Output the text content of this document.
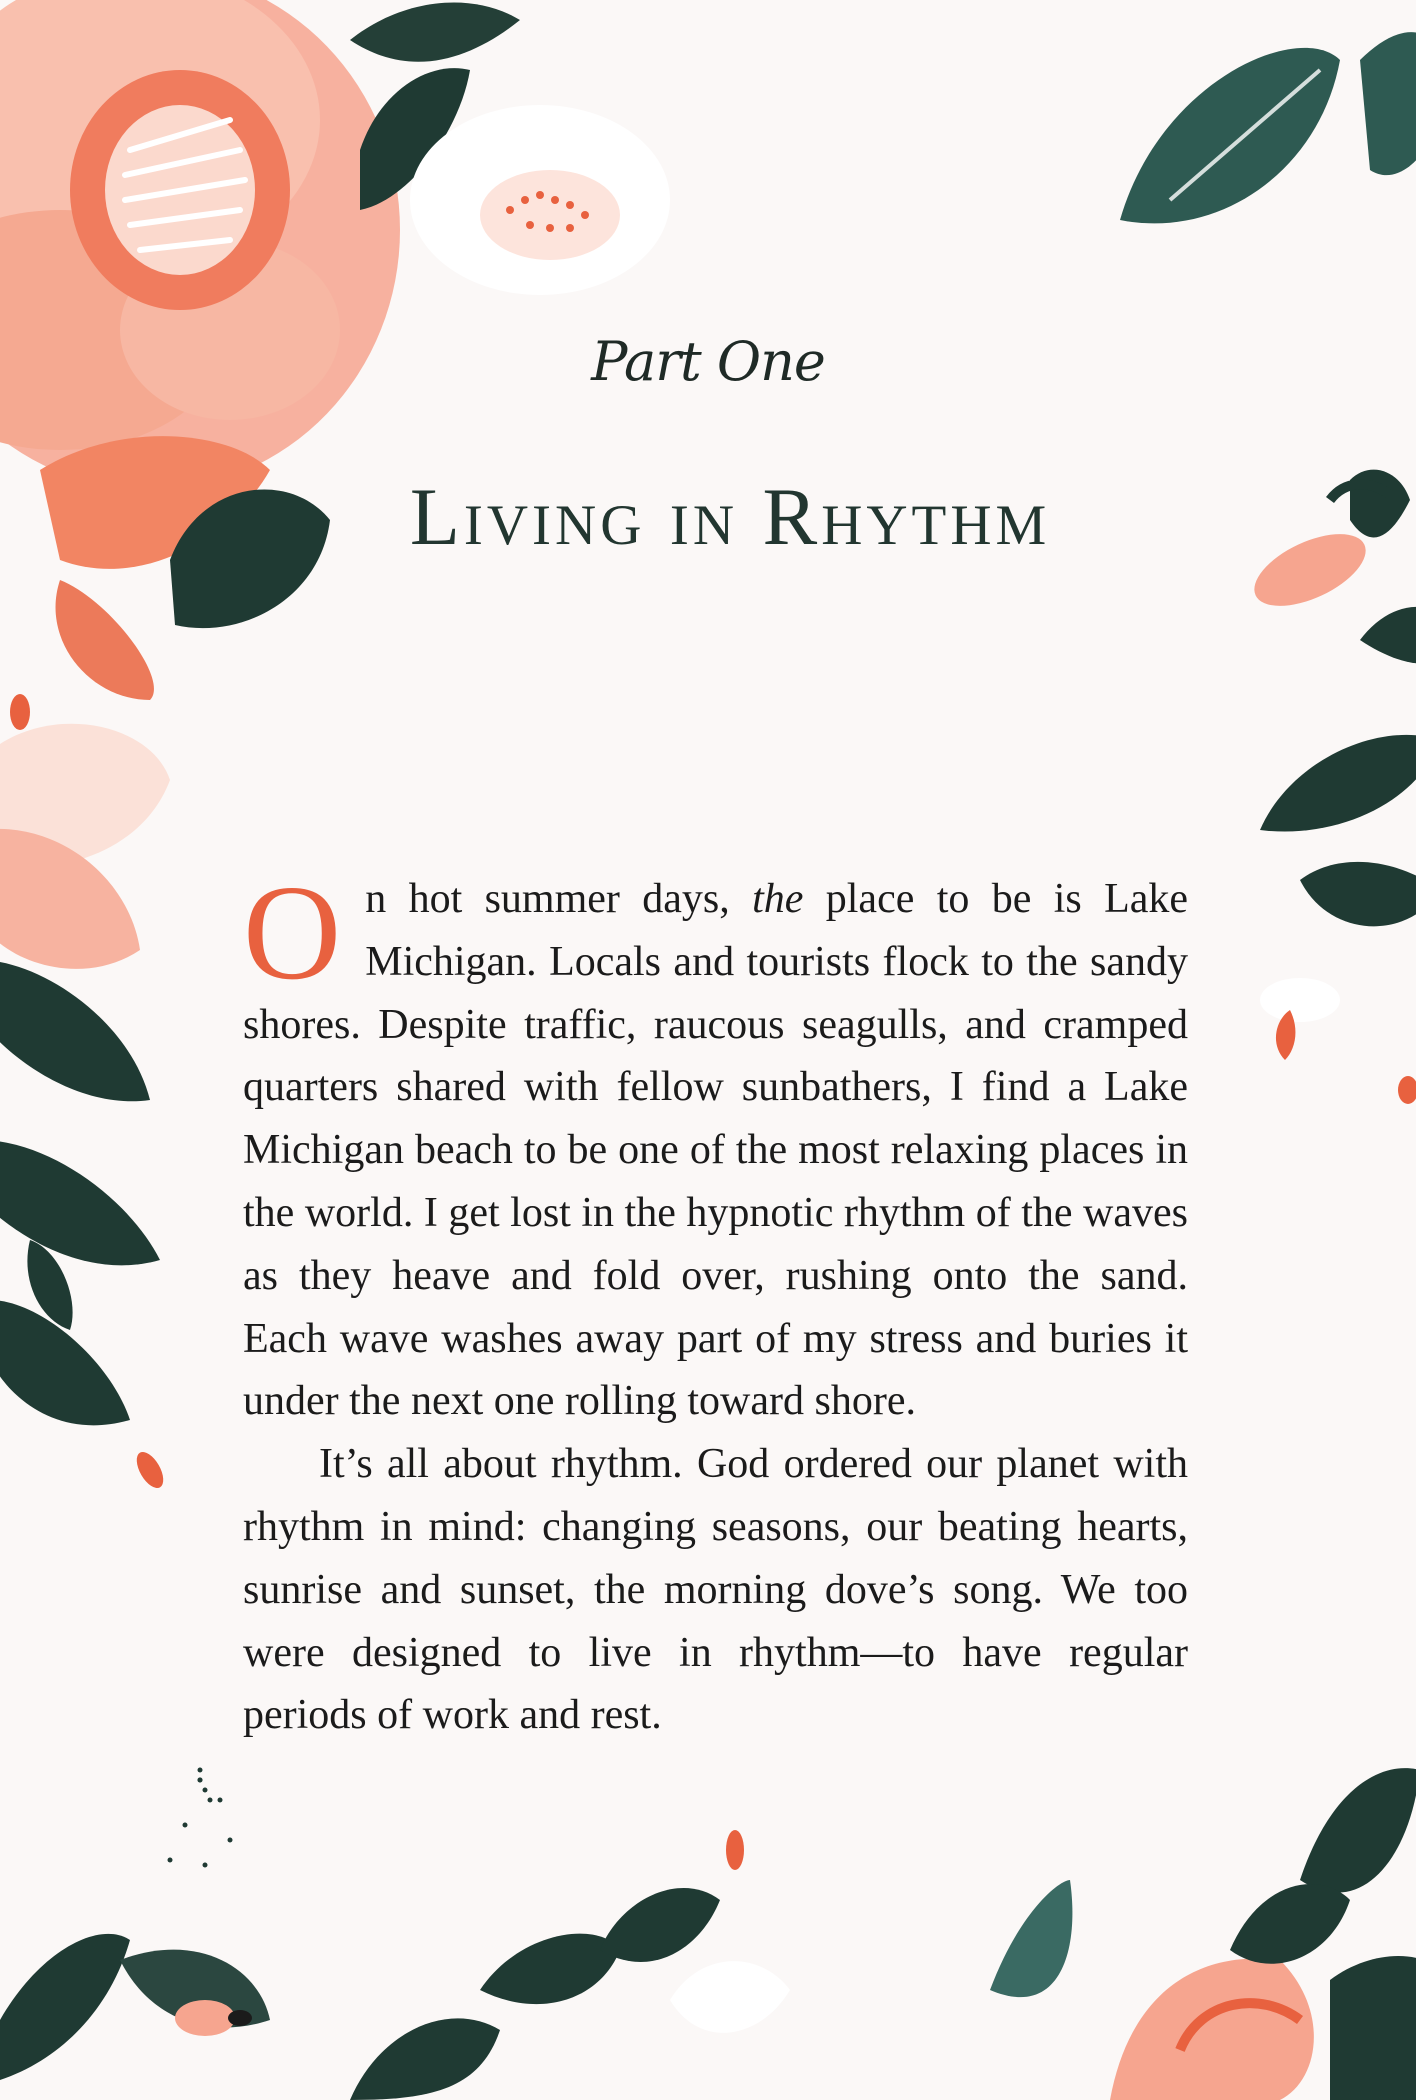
Part One
Living in Rhythm

On hot summer days, the place to be is Lake Michigan. Locals and tourists flock to the sandy shores. Despite traffic, raucous seagulls, and cramped quarters shared with fellow sunbathers, I find a Lake Michigan beach to be one of the most relaxing places in the world. I get lost in the hypnotic rhythm of the waves as they heave and fold over, rushing onto the sand. Each wave washes away part of my stress and buries it under the next one rolling toward shore.

It’s all about rhythm. God ordered our planet with rhythm in mind: changing seasons, our beating hearts, sunrise and sunset, the morning dove’s song. We too were designed to live in rhythm—to have regular periods of work and rest.
